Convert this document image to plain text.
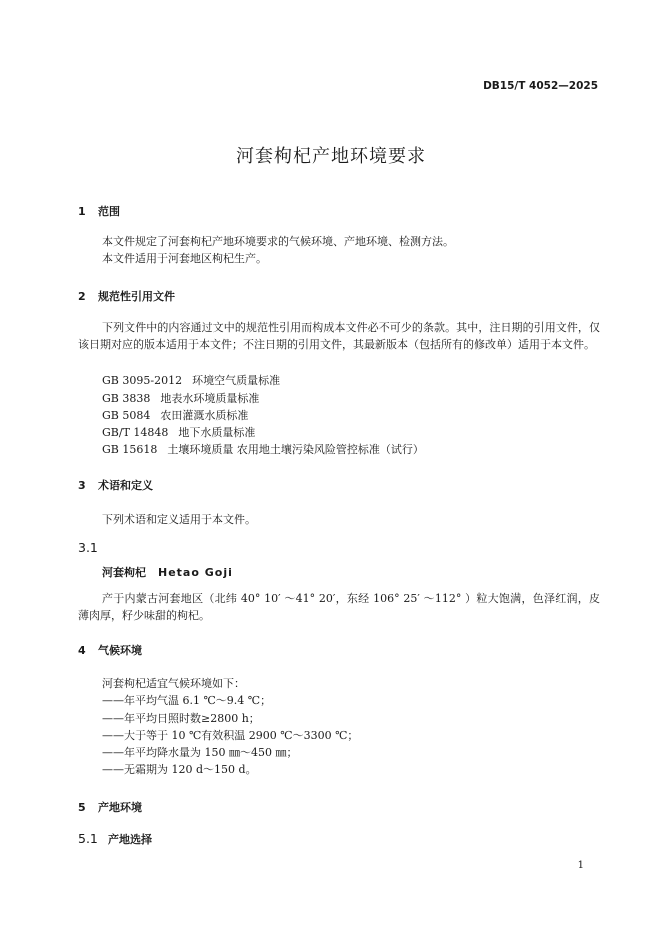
DB15/T 4052—2025
河套枸杞产地环境要求
1 范围
本文件规定了河套枸杞产地环境要求的气候环境、产地环境、检测方法。
本文件适用于河套地区枸杞生产。
2 规范性引用文件
下列文件中的内容通过文中的规范性引用而构成本文件必不可少的条款。其中，注日期的引用文件，仅该日期对应的版本适用于本文件；不注日期的引用文件，其最新版本（包括所有的修改单）适用于本文件。
GB 3095-2012 环境空气质量标准
GB 3838 地表水环境质量标准
GB 5084 农田灌溉水质标准
GB/T 14848 地下水质量标准
GB 15618 土壤环境质量 农用地土壤污染风险管控标准（试行）
3 术语和定义
下列术语和定义适用于本文件。
3.1
河套枸杞 Hetao Goji
产于内蒙古河套地区（北纬 40° 10′ ～41° 20′，东经 106° 25′ ～112° ）粒大饱满，色泽红润，皮薄肉厚，籽少味甜的枸杞。
4 气候环境
河套枸杞适宜气候环境如下：
——年平均气温 6.1 ℃～9.4 ℃；
——年平均日照时数≥2800 h；
——大于等于 10 ℃有效积温 2900 ℃～3300 ℃；
——年平均降水量为 150 ㎜～450 ㎜；
——无霜期为 120 d～150 d。
5 产地环境
5.1 产地选择
1
